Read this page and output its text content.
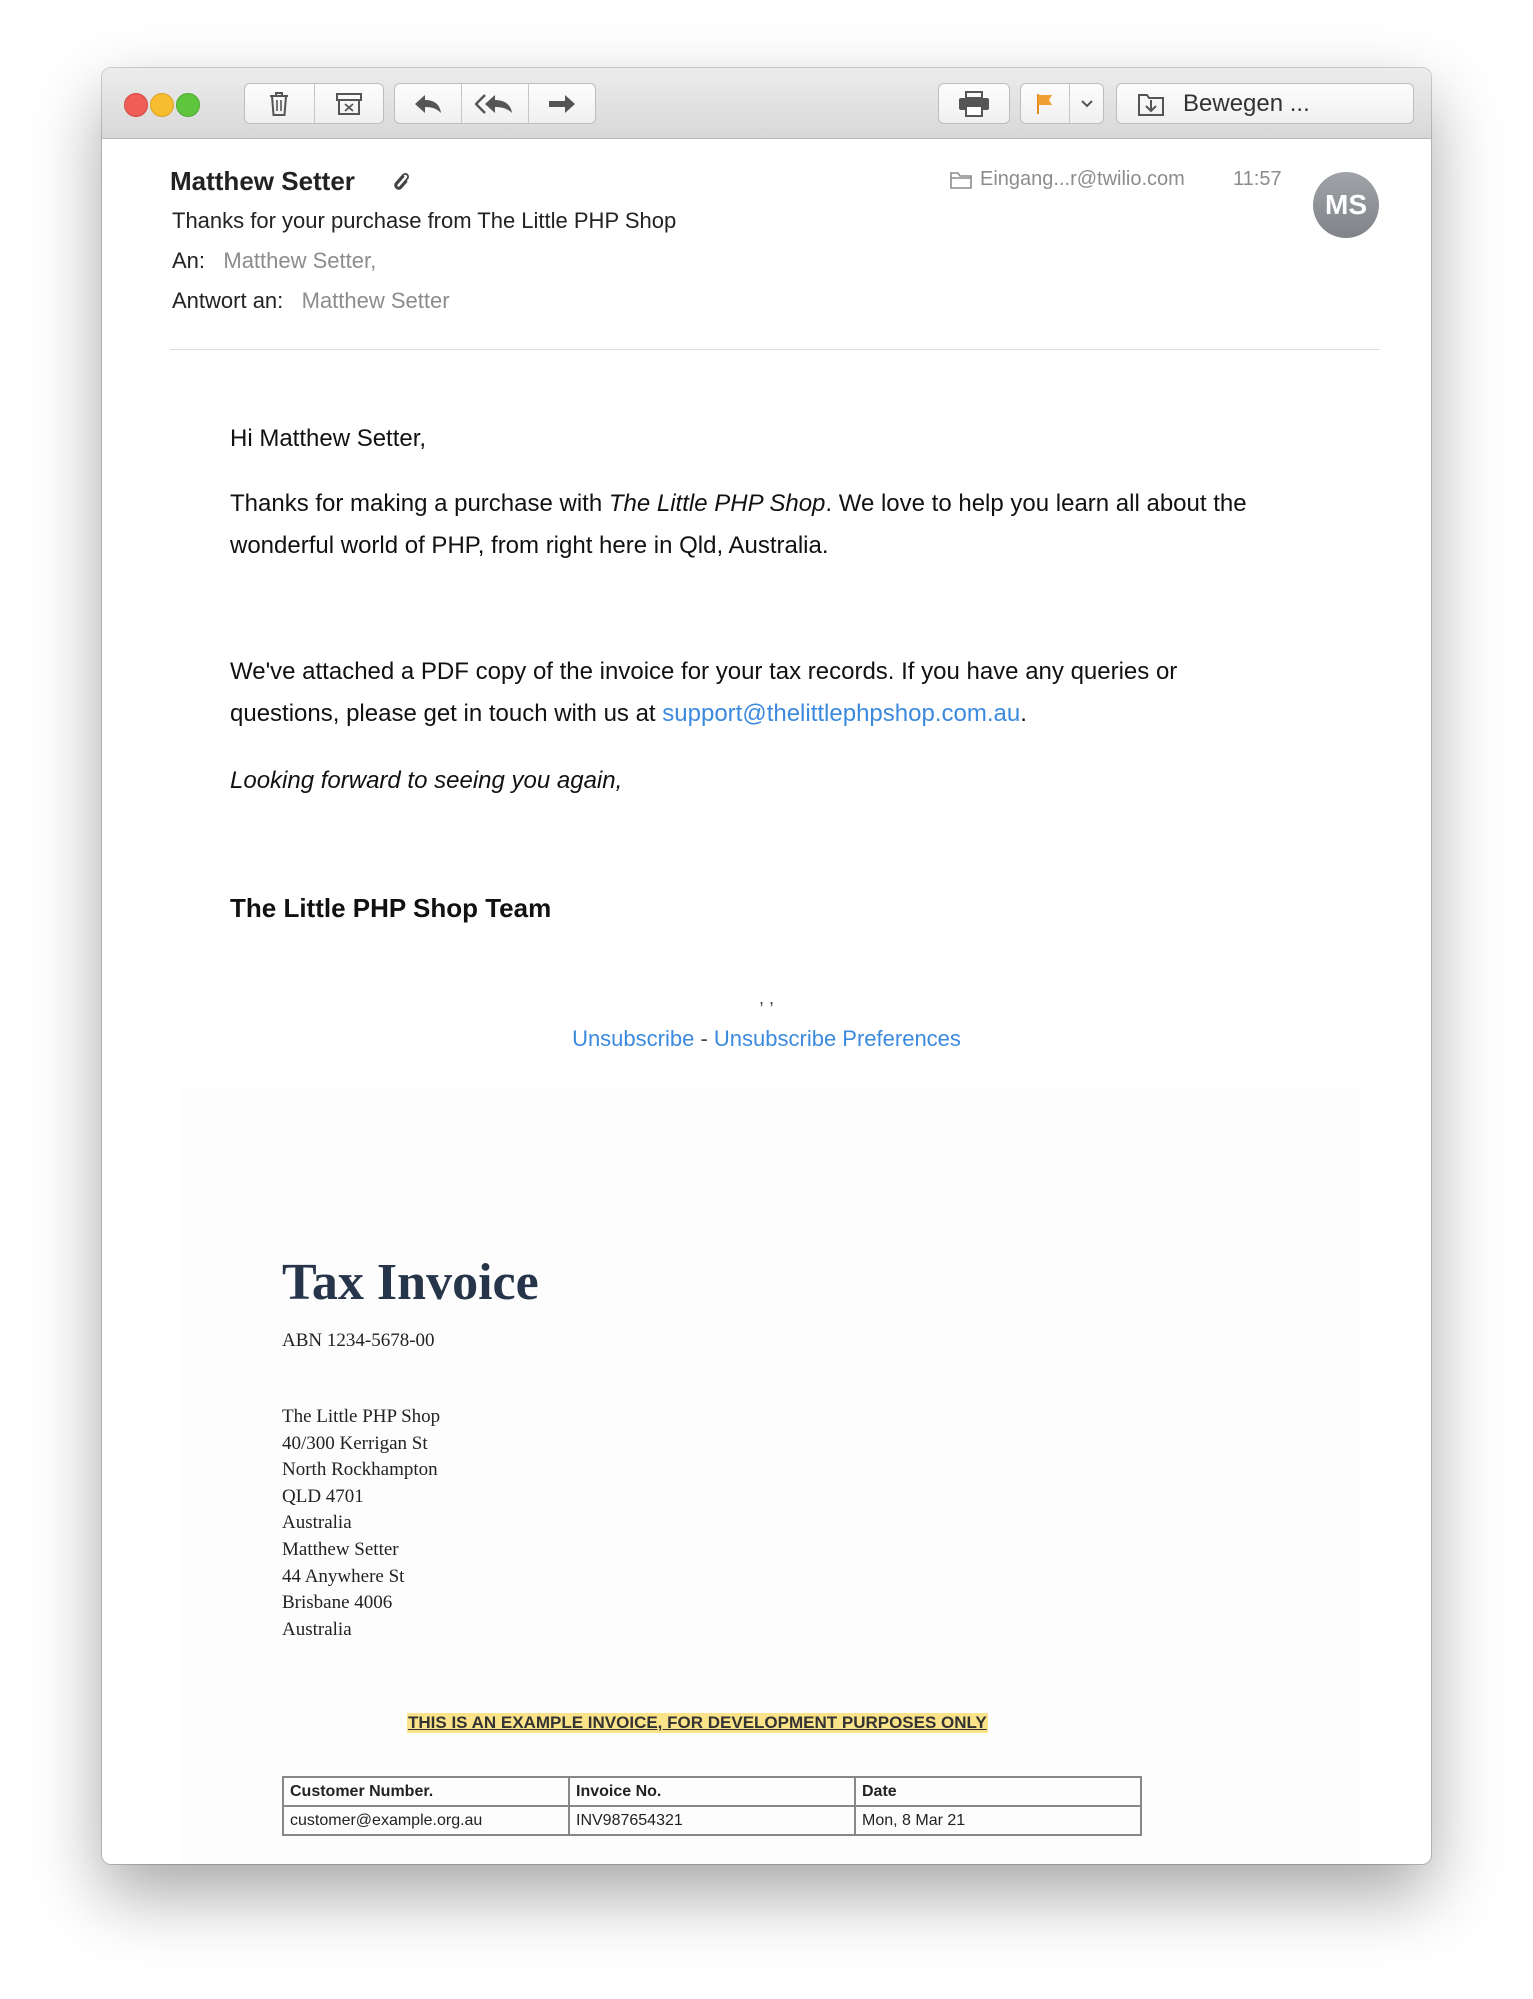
Bewegen ...
Matthew Setter
Thanks for your purchase from The Little PHP Shop
An: Matthew Setter,
Antwort an: Matthew Setter
Eingang...r@twilio.com 11:57
MS
Hi Matthew Setter,
Thanks for making a purchase with The Little PHP Shop. We love to help you learn all about the wonderful world of PHP, from right here in Qld, Australia.
We've attached a PDF copy of the invoice for your tax records. If you have any queries or questions, please get in touch with us at support@thelittlephpshop.com.au.
Looking forward to seeing you again,
The Little PHP Shop Team
, ,
Unsubscribe - Unsubscribe Preferences
Tax Invoice
ABN 1234-5678-00
The Little PHP Shop
40/300 Kerrigan St
North Rockhampton
QLD 4701
Australia
Matthew Setter
44 Anywhere St
Brisbane 4006
Australia
THIS IS AN EXAMPLE INVOICE, FOR DEVELOPMENT PURPOSES ONLY
Customer Number.	Invoice No.	Date
customer@example.org.au	INV987654321	Mon, 8 Mar 21
